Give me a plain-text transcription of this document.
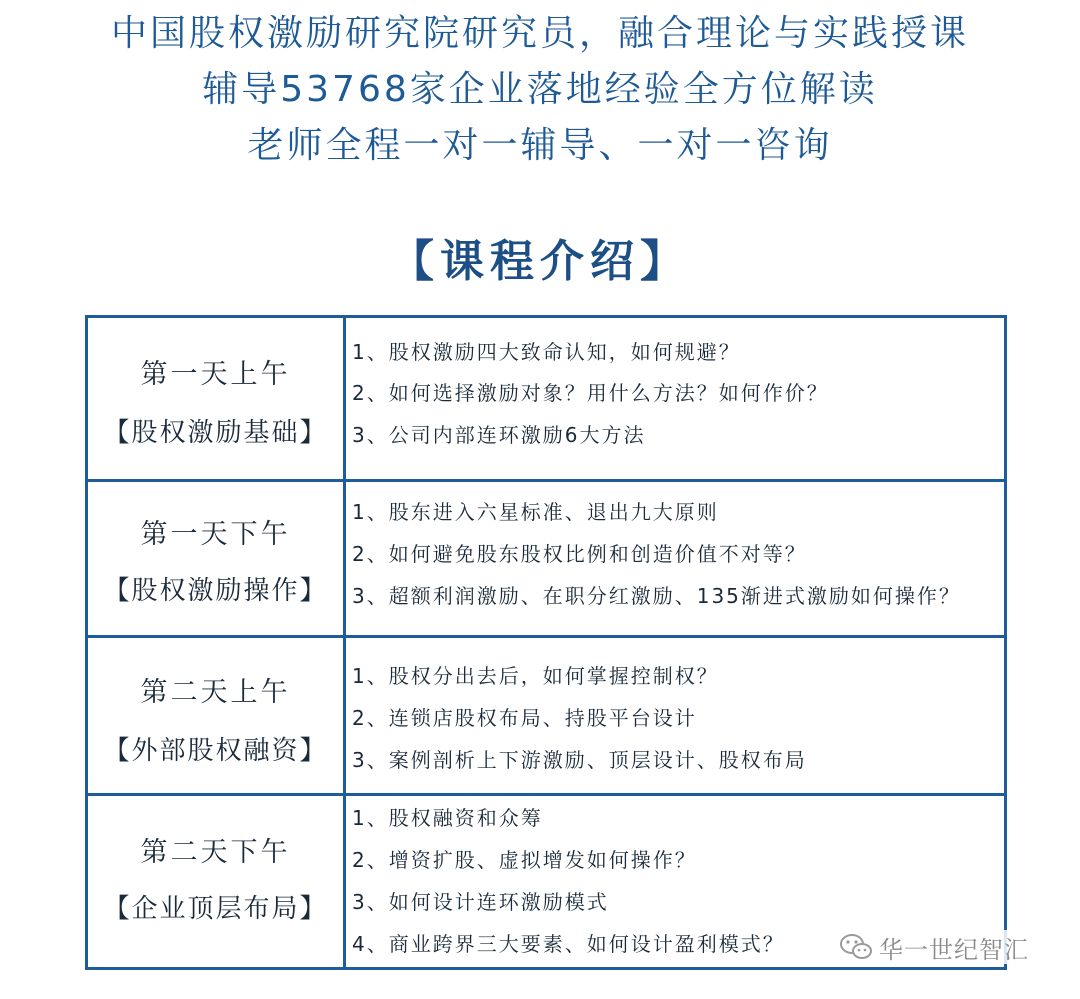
中国股权激励研究院研究员，融合理论与实践授课
辅导53768家企业落地经验全方位解读
老师全程一对一辅导、一对一咨询
【课程介绍】
第一天上午
【股权激励基础】
1、股权激励四大致命认知，如何规避？
2、如何选择激励对象？用什么方法？如何作价？
3、公司内部连环激励6大方法
第一天下午
【股权激励操作】
1、股东进入六星标准、退出九大原则
2、如何避免股东股权比例和创造价值不对等？
3、超额利润激励、在职分红激励、135渐进式激励如何操作？
第二天上午
【外部股权融资】
1、股权分出去后，如何掌握控制权？
2、连锁店股权布局、持股平台设计
3、案例剖析上下游激励、顶层设计、股权布局
第二天下午
【企业顶层布局】
1、股权融资和众筹
2、增资扩股、虚拟增发如何操作？
3、如何设计连环激励模式
4、商业跨界三大要素、如何设计盈利模式？	华一世纪智汇
